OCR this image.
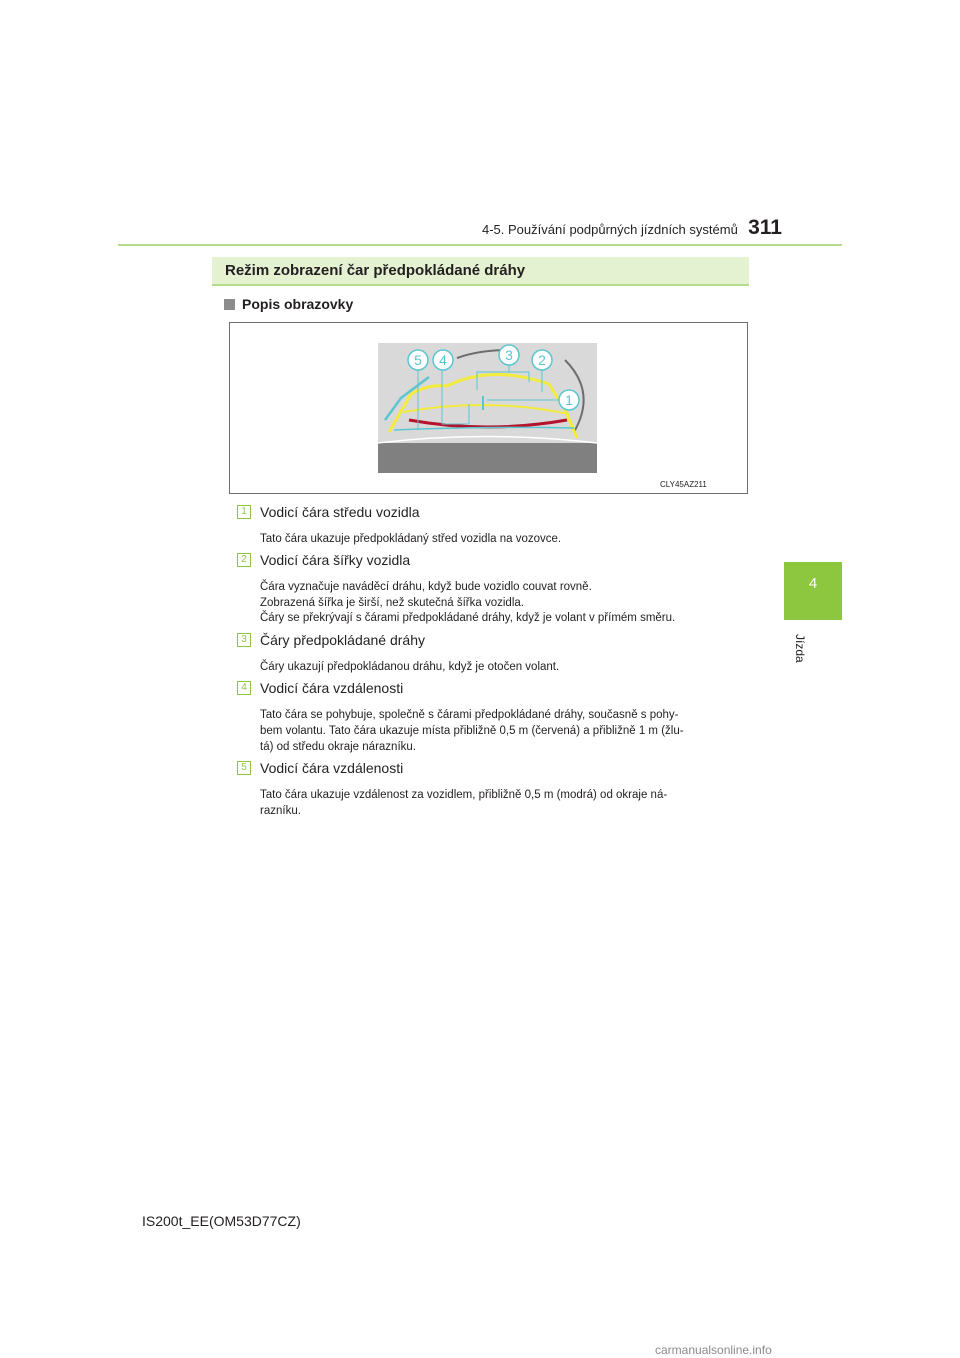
4-5. Používání podpůrných jízdních systémů 311
4
Jízda
Režim zobrazení čar předpokládané dráhy
Popis obrazovky
5 4	3 2
1
CLY45AZ211
1 Vodicí čára středu vozidla
Tato čára ukazuje předpokládaný střed vozidla na vozovce.
2 Vodicí čára šířky vozidla
Čára vyznačuje naváděcí dráhu, když bude vozidlo couvat rovně.
Zobrazená šířka je širší, než skutečná šířka vozidla.
Čáry se překrývají s čárami předpokládané dráhy, když je volant v přímém směru.
3 Čáry předpokládané dráhy
Čáry ukazují předpokládanou dráhu, když je otočen volant.
4 Vodicí čára vzdálenosti
Tato čára se pohybuje, společně s čárami předpokládané dráhy, současně s pohy-
bem volantu. Tato čára ukazuje místa přibližně 0,5 m (červená) a přibližně 1 m (žlu-
tá) od středu okraje nárazníku.
5 Vodicí čára vzdálenosti
Tato čára ukazuje vzdálenost za vozidlem, přibližně 0,5 m (modrá) od okraje ná-
razníku.
IS200t_EE(OM53D77CZ)
carmanualsonline.info
